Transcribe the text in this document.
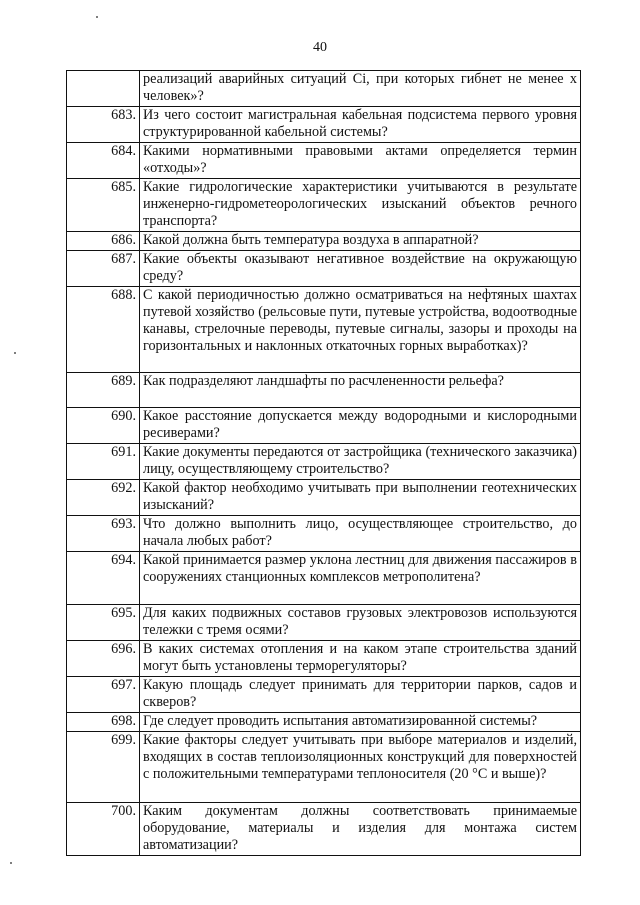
40
	реализаций аварийных ситуаций Ci, при которых гибнет не менее х человек»?
683.	Из чего состоит магистральная кабельная подсистема первого уровня структурированной кабельной системы?
684.	Какими нормативными правовыми актами определяется термин «отходы»?
685.	Какие гидрологические характеристики учитываются в результате инженерно-гидрометеорологических изысканий объектов речного транспорта?
686.	Какой должна быть температура воздуха в аппаратной?
687.	Какие объекты оказывают негативное воздействие на окружающую среду?
688.	С какой периодичностью должно осматриваться на нефтяных шахтах путевой хозяйство (рельсовые пути, путевые устройства, водоотводные канавы, стрелочные переводы, путевые сигналы, зазоры и проходы на горизонтальных и наклонных откаточных горных выработках)?
689.	Как подразделяют ландшафты по расчлененности рельефа?
690.	Какое расстояние допускается между водородными и кислородными ресиверами?
691.	Какие документы передаются от застройщика (технического заказчика) лицу, осуществляющему строительство?
692.	Какой фактор необходимо учитывать при выполнении геотехнических изысканий?
693.	Что должно выполнить лицо, осуществляющее строительство, до начала любых работ?
694.	Какой принимается размер уклона лестниц для движения пассажиров в сооружениях станционных комплексов метрополитена?
695.	Для каких подвижных составов грузовых электровозов используются тележки с тремя осями?
696.	В каких системах отопления и на каком этапе строительства зданий могут быть установлены терморегуляторы?
697.	Какую площадь следует принимать для территории парков, садов и скверов?
698.	Где следует проводить испытания автоматизированной системы?
699.	Какие факторы следует учитывать при выборе материалов и изделий, входящих в состав теплоизоляционных конструкций для поверхностей с положительными температурами теплоносителя (20 °С и выше)?
700.	Каким документам должны соответствовать принимаемые оборудование, материалы и изделия для монтажа систем автоматизации?
